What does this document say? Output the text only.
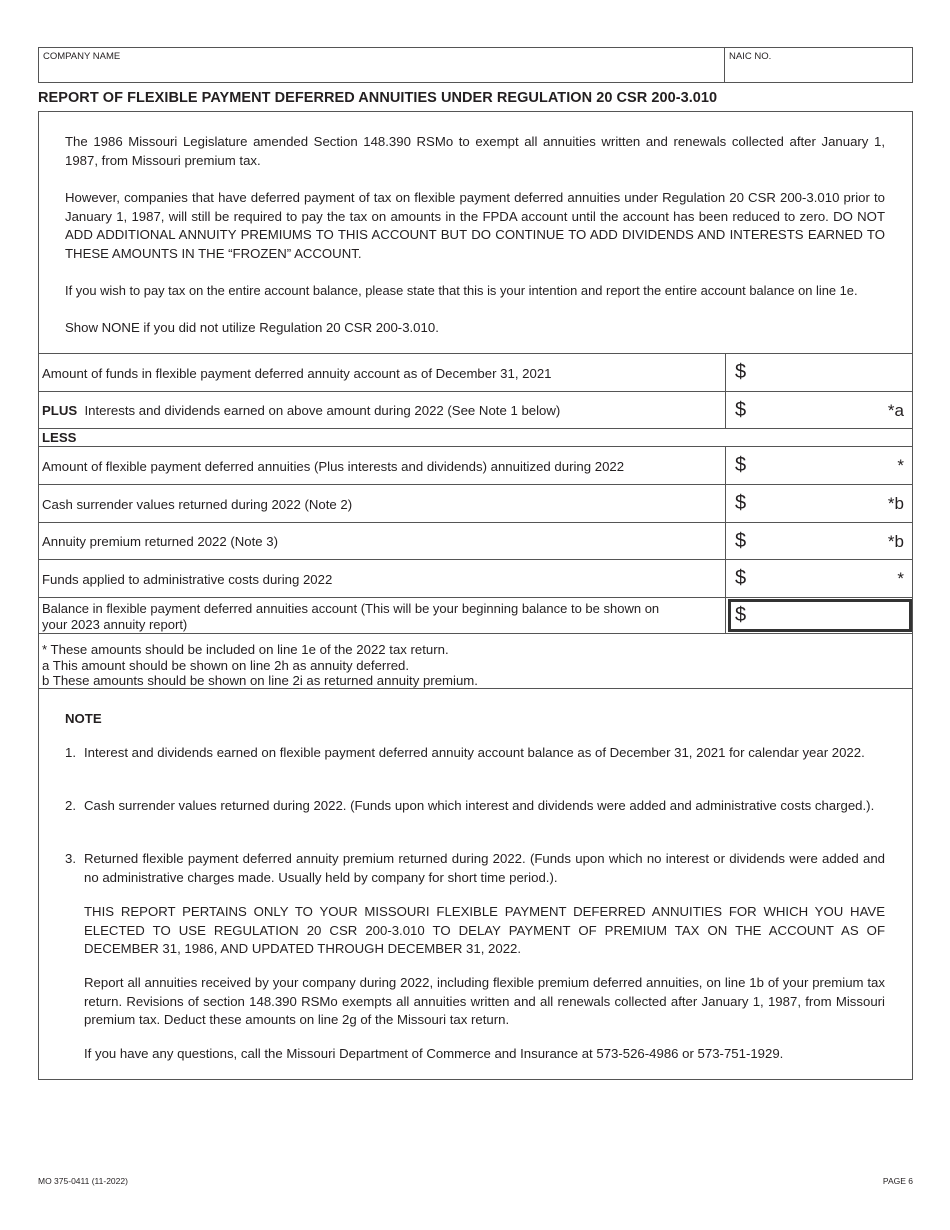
COMPANY NAME	NAIC NO.
REPORT OF FLEXIBLE PAYMENT DEFERRED ANNUITIES UNDER REGULATION 20 CSR 200-3.010

The 1986 Missouri Legislature amended Section 148.390 RSMo to exempt all annuities written and renewals collected after January 1, 1987, from Missouri premium tax.

However, companies that have deferred payment of tax on flexible payment deferred annuities under Regulation 20 CSR 200-3.010 prior to January 1, 1987, will still be required to pay the tax on amounts in the FPDA account until the account has been reduced to zero. DO NOT ADD ADDITIONAL ANNUITY PREMIUMS TO THIS ACCOUNT BUT DO CONTINUE TO ADD DIVIDENDS AND INTERESTS EARNED TO THESE AMOUNTS IN THE “FROZEN” ACCOUNT.

If you wish to pay tax on the entire account balance, please state that this is your intention and report the entire account balance on line 1e.

Show NONE if you did not utilize Regulation 20 CSR 200-3.010.

Amount of funds in flexible payment deferred annuity account as of December 31, 2021	$
PLUS Interests and dividends earned on above amount during 2022 (See Note 1 below)	$	*a
LESS
Amount of flexible payment deferred annuities (Plus interests and dividends) annuitized during 2022	$	*
Cash surrender values returned during 2022 (Note 2)	$	*b
Annuity premium returned 2022 (Note 3)	$	*b
Funds applied to administrative costs during 2022	$	*
Balance in flexible payment deferred annuities account (This will be your beginning balance to be shown on
your 2023 annuity report)	$
* These amounts should be included on line 1e of the 2022 tax return.
a This amount should be shown on line 2h as annuity deferred.
b These amounts should be shown on line 2i as returned annuity premium.
NOTE
1. Interest and dividends earned on flexible payment deferred annuity account balance as of December 31, 2021 for calendar year 2022.
2. Cash surrender values returned during 2022. (Funds upon which interest and dividends were added and administrative costs charged.).
3. Returned flexible payment deferred annuity premium returned during 2022. (Funds upon which no interest or dividends were added and no administrative charges made. Usually held by company for short time period.).

THIS REPORT PERTAINS ONLY TO YOUR MISSOURI FLEXIBLE PAYMENT DEFERRED ANNUITIES FOR WHICH YOU HAVE ELECTED TO USE REGULATION 20 CSR 200-3.010 TO DELAY PAYMENT OF PREMIUM TAX ON THE ACCOUNT AS OF DECEMBER 31, 1986, AND UPDATED THROUGH DECEMBER 31, 2022.

Report all annuities received by your company during 2022, including flexible premium deferred annuities, on line 1b of your premium tax return. Revisions of section 148.390 RSMo exempts all annuities written and all renewals collected after January 1, 1987, from Missouri premium tax. Deduct these amounts on line 2g of the Missouri tax return.

If you have any questions, call the Missouri Department of Commerce and Insurance at 573-526-4986 or 573-751-1929.

MO 375-0411 (11-2022)	PAGE 6
